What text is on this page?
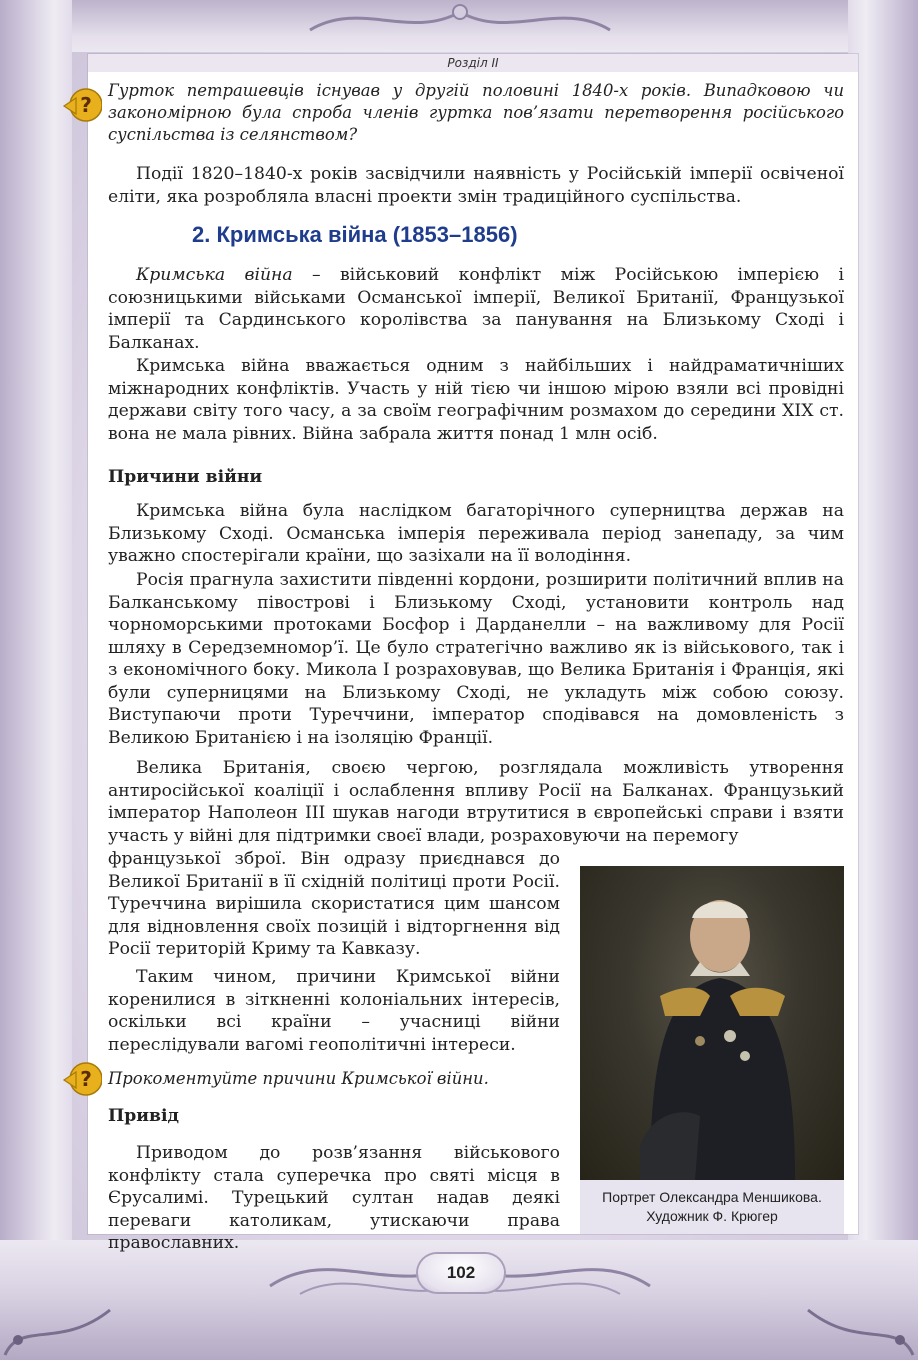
Розділ ІІ
?

Гурток петрашевців існував у другій половині 1840-х років. Випадковою чи закономірною була спроба членів гуртка пов’язати перетворення російського суспільства із селянством?

Події 1820–1840-х років засвідчили наявність у Російській імперії освіченої еліти, яка розробляла власні проекти змін традиційного суспільства.

2. Кримська війна (1853–1856)

Кримська війна – військовий конфлікт між Російською імперією і союзницькими військами Османської імперії, Великої Британії, Французької імперії та Сардинського королівства за панування на Близькому Сході і Балканах.

Кримська війна вважається одним з найбільших і найдраматичніших міжнародних конфліктів. Участь у ній тією чи іншою мірою взяли всі провідні держави світу того часу, а за своїм географічним розмахом до середини XIX ст. вона не мала рівних. Війна забрала життя понад 1 млн осіб.

Причини війни

Кримська війна була наслідком багаторічного суперництва держав на Близькому Сході. Османська імперія переживала період занепаду, за чим уважно спостерігали країни, що зазіхали на її володіння.

Росія прагнула захистити південні кордони, розширити політичний вплив на Балканському півострові і Близькому Сході, установити контроль над чорноморськими протоками Босфор і Дарданелли – на важливому для Росії шляху в Середземномор’ї. Це було стратегічно важливо як із військового, так і з економічного боку. Микола І розраховував, що Велика Британія і Франція, які були суперницями на Близькому Сході, не укладуть між собою союзу. Виступаючи проти Туреччини, імператор сподівався на домовленість з Великою Британією і на ізоляцію Франції.

Велика Британія, своєю чергою, розглядала можливість утворення антиросійської коаліції і ослаблення впливу Росії на Балканах. Французький імператор Наполеон III шукав нагоди втрутитися в європейські справи і взяти участь у війні для підтримки своєї влади, розраховуючи на перемогу

французької зброї. Він одразу приєднався до Великої Британії в її східній політиці проти Росії. Туреччина вирішила скористатися цим шансом для відновлення своїх позицій і відторгнення від Росії територій Криму та Кавказу.

Таким чином, причини Кримської війни коренилися в зіткненні колоніальних інтересів, оскільки всі країни – учасниці війни переслідували вагомі геополітичні інтереси.

? Прокоментуйте причини Кримської війни.

Привід

Приводом до розв’язання військового конфлікту стала суперечка про святі місця в Єрусалимі. Турецький султан надав деякі переваги католикам, утискаючи права православних.

Портрет Олександра Меншикова. Художник Ф. Крюгер
102
